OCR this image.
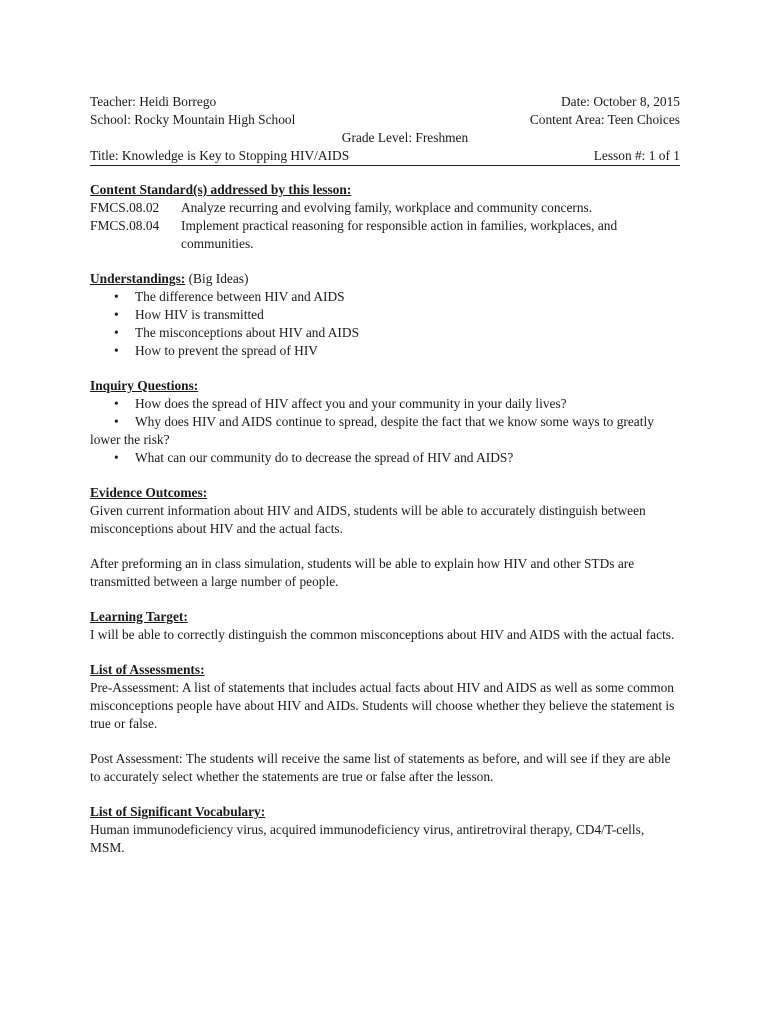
Teacher: Heidi Borrego	Date: October 8, 2015
School: Rocky Mountain High School	Content Area: Teen Choices
Grade Level: Freshmen
Title: Knowledge is Key to Stopping HIV/AIDS	Lesson #: 1 of 1
Content Standard(s) addressed by this lesson:
FMCS.08.02	Analyze recurring and evolving family, workplace and community concerns.
FMCS.08.04	Implement practical reasoning for responsible action in families, workplaces, and communities.
Understandings: (Big Ideas)
• The difference between HIV and AIDS
• How HIV is transmitted
• The misconceptions about HIV and AIDS
• How to prevent the spread of HIV
Inquiry Questions:
• How does the spread of HIV affect you and your community in your daily lives?
•	Why does HIV and AIDS continue to spread, despite the fact that we know some ways to greatly lower the risk?
• What can our community do to decrease the spread of HIV and AIDS?
Evidence Outcomes:

Given current information about HIV and AIDS, students will be able to accurately distinguish between misconceptions about HIV and the actual facts.

After preforming an in class simulation, students will be able to explain how HIV and other STDs are transmitted between a large number of people.

Learning Target:

I will be able to correctly distinguish the common misconceptions about HIV and AIDS with the actual facts.

List of Assessments:

Pre-Assessment: A list of statements that includes actual facts about HIV and AIDS as well as some common misconceptions people have about HIV and AIDs. Students will choose whether they believe the statement is true or false.

Post Assessment: The students will receive the same list of statements as before, and will see if they are able to accurately select whether the statements are true or false after the lesson.

List of Significant Vocabulary:

Human immunodeficiency virus, acquired immunodeficiency virus, antiretroviral therapy, CD4/T-cells, MSM.
